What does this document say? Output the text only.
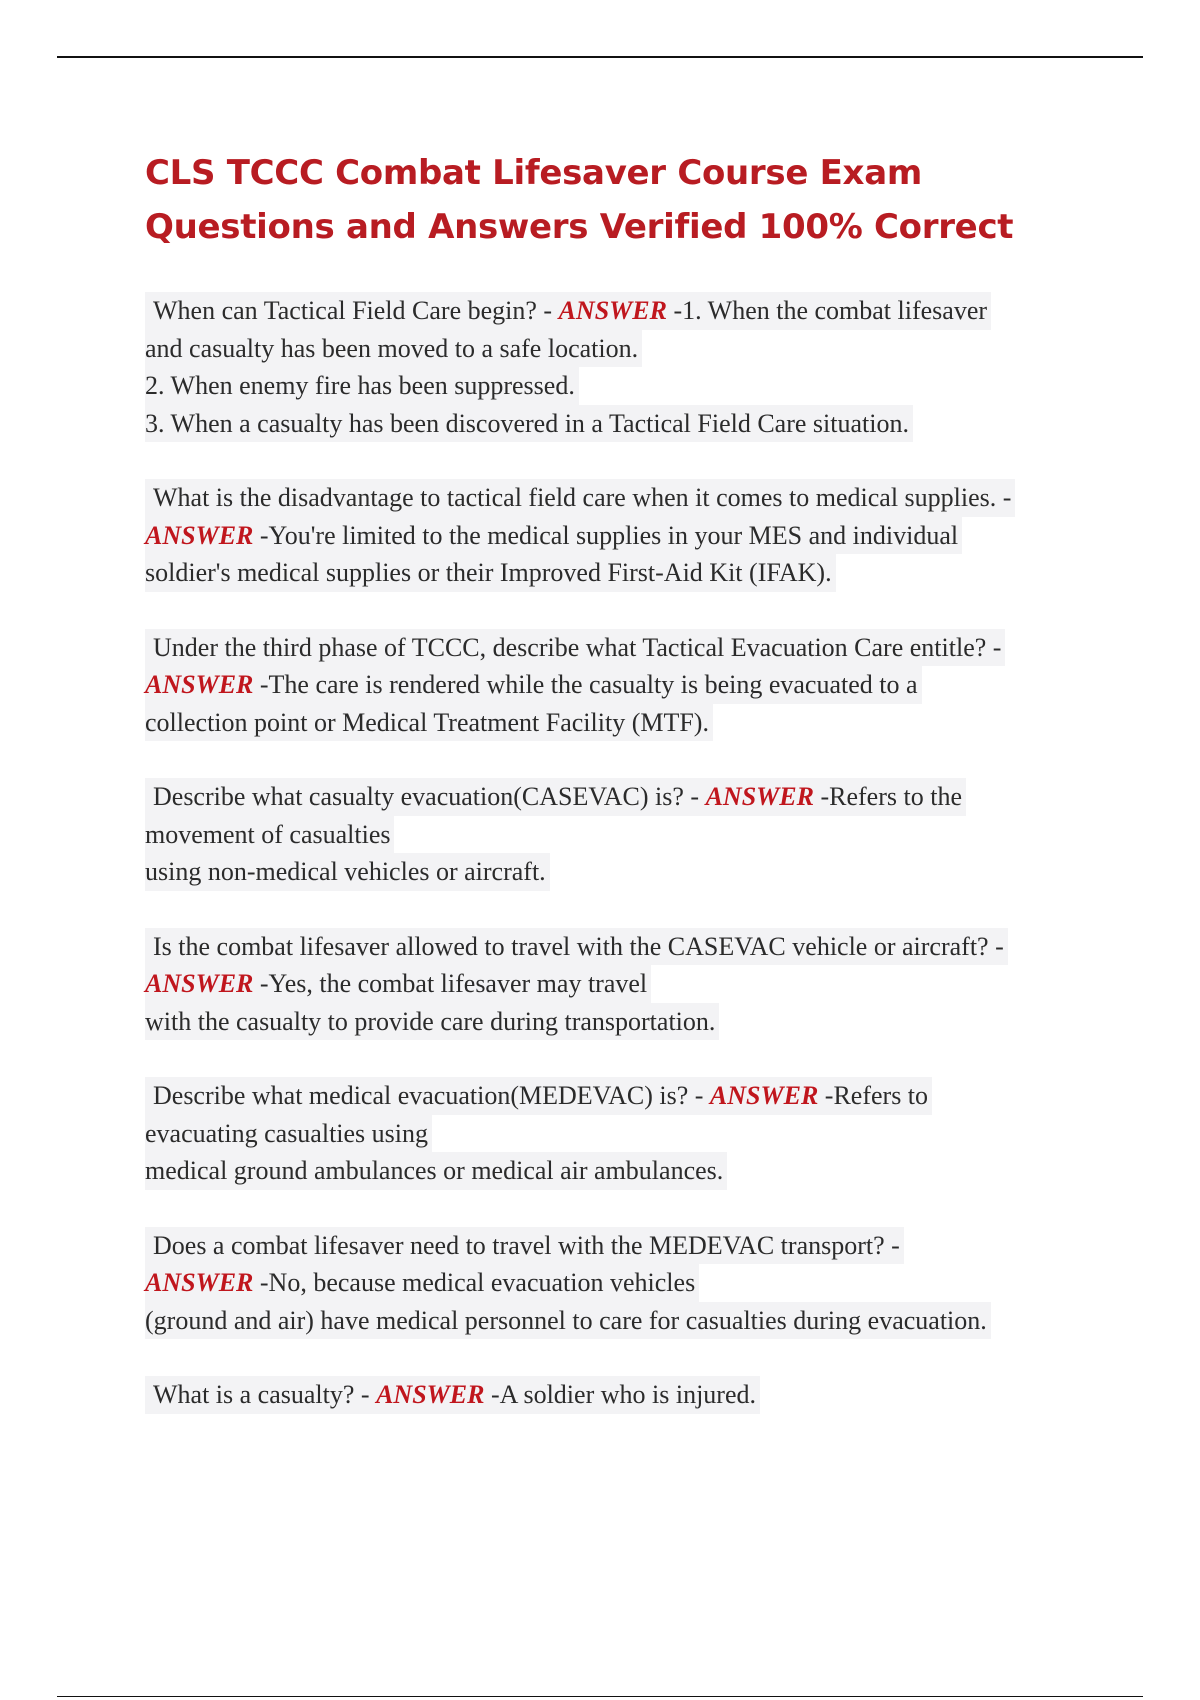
CLS TCCC Combat Lifesaver Course Exam
Questions and Answers Verified 100% Correct
When can Tactical Field Care begin? - ANSWER -1. When the combat lifesaver
and casualty has been moved to a safe location.
2. When enemy fire has been suppressed.
3. When a casualty has been discovered in a Tactical Field Care situation.
What is the disadvantage to tactical field care when it comes to medical supplies. -
ANSWER -You're limited to the medical supplies in your MES and individual
soldier's medical supplies or their Improved First-Aid Kit (IFAK).
Under the third phase of TCCC, describe what Tactical Evacuation Care entitle? -
ANSWER -The care is rendered while the casualty is being evacuated to a
collection point or Medical Treatment Facility (MTF).
Describe what casualty evacuation(CASEVAC) is? - ANSWER -Refers to the
movement of casualties
using non-medical vehicles or aircraft.
Is the combat lifesaver allowed to travel with the CASEVAC vehicle or aircraft? -
ANSWER -Yes, the combat lifesaver may travel
with the casualty to provide care during transportation.
Describe what medical evacuation(MEDEVAC) is? - ANSWER -Refers to
evacuating casualties using
medical ground ambulances or medical air ambulances.
Does a combat lifesaver need to travel with the MEDEVAC transport? -
ANSWER -No, because medical evacuation vehicles
(ground and air) have medical personnel to care for casualties during evacuation.
What is a casualty? - ANSWER -A soldier who is injured.
